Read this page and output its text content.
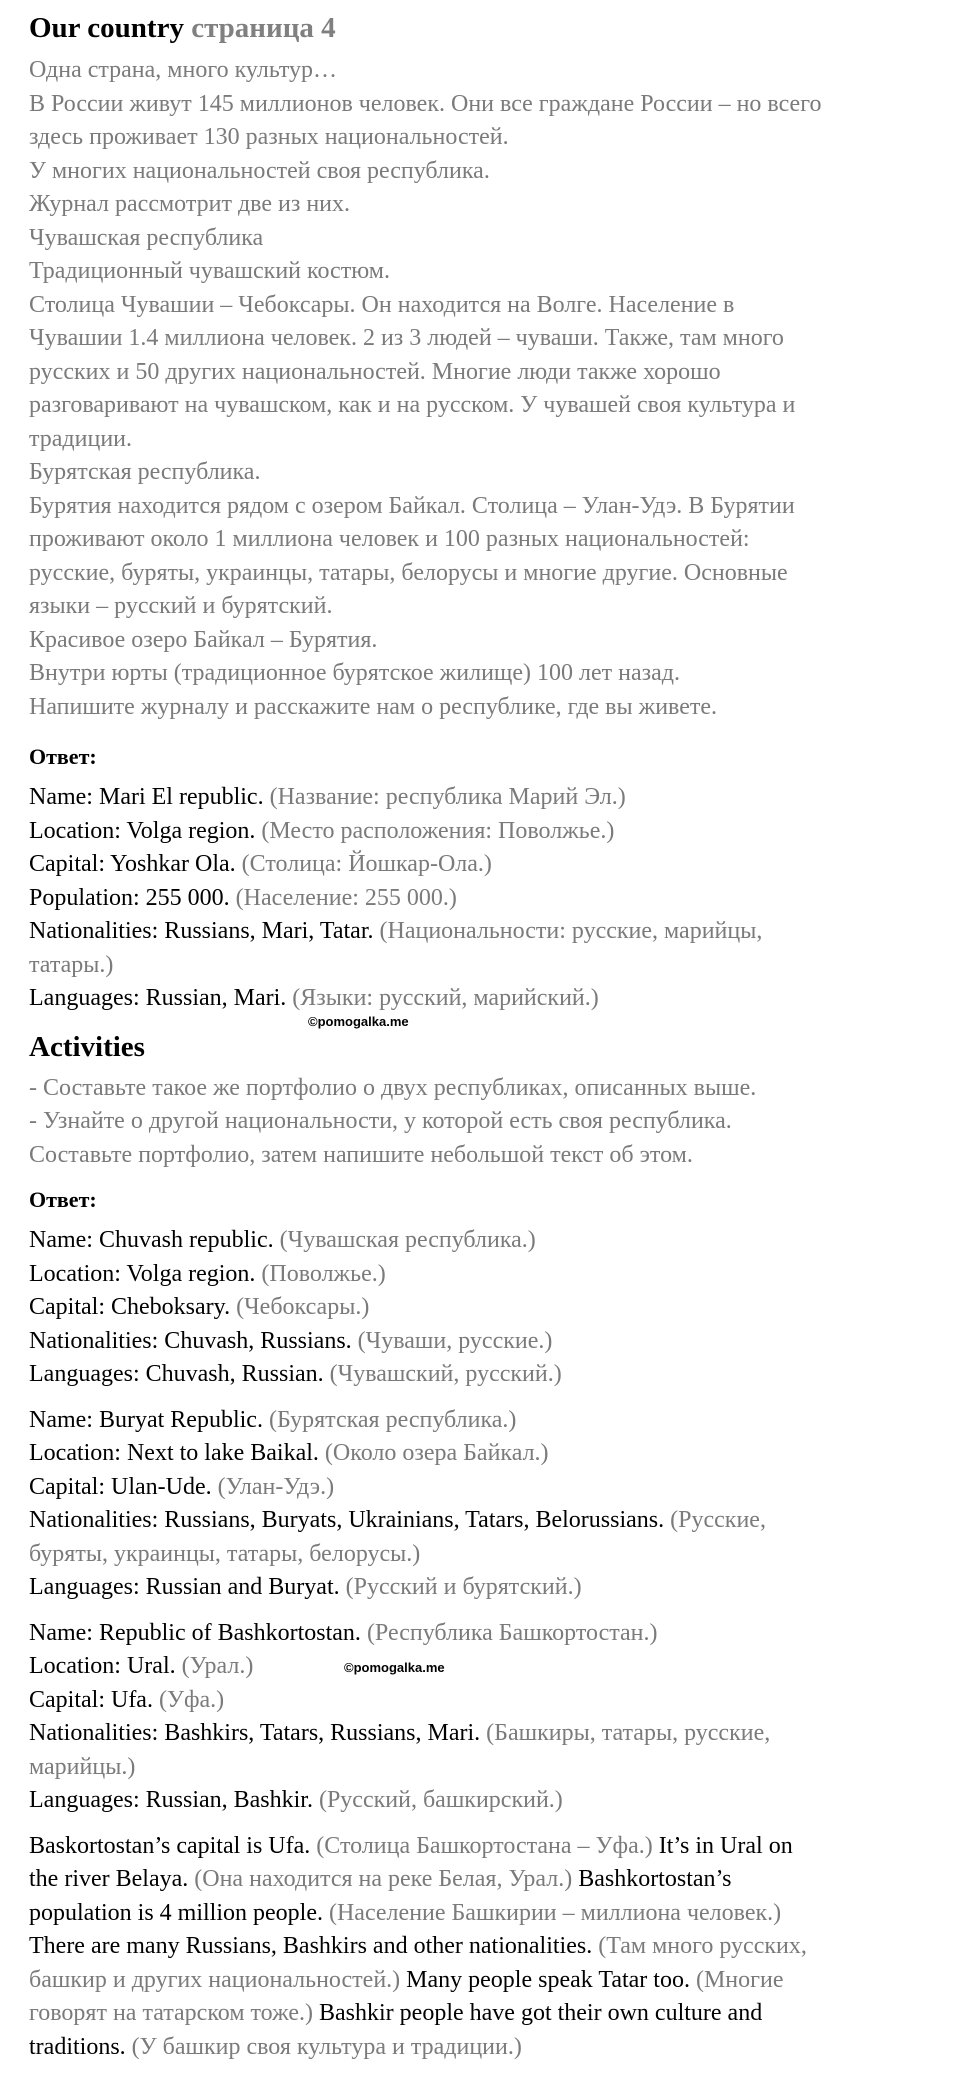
Our country страница 4
Одна страна, много культур…
В России живут 145 миллионов человек. Они все граждане России – но всего
здесь проживает 130 разных национальностей.
У многих национальностей своя республика.
Журнал рассмотрит две из них.
Чувашская республика
Традиционный чувашский костюм.
Столица Чувашии – Чебоксары. Он находится на Волге. Население в
Чувашии 1.4 миллиона человек. 2 из 3 людей – чуваши. Также, там много
русских и 50 других национальностей. Многие люди также хорошо
разговаривают на чувашском, как и на русском. У чувашей своя культура и
традиции.
Бурятская республика.
Бурятия находится рядом с озером Байкал. Столица – Улан-Удэ. В Бурятии
проживают около 1 миллиона человек и 100 разных национальностей:
русские, буряты, украинцы, татары, белорусы и многие другие. Основные
языки – русский и бурятский.
Красивое озеро Байкал – Бурятия.
Внутри юрты (традиционное бурятское жилище) 100 лет назад.
Напишите журналу и расскажите нам о республике, где вы живете.
Ответ:
Name: Mari El republic. (Название: республика Марий Эл.)
Location: Volga region. (Место расположения: Поволжье.)
Capital: Yoshkar Ola. (Столица: Йошкар-Ола.)
Population: 255 000. (Население: 255 000.)
Nationalities: Russians, Mari, Tatar. (Национальности: русские, марийцы,
татары.)
Languages: Russian, Mari. (Языки: русский, марийский.)
Activities
- Составьте такое же портфолио о двух республиках, описанных выше.
- Узнайте о другой национальности, у которой есть своя республика.
Составьте портфолио, затем напишите небольшой текст об этом.
Ответ:
Name: Chuvash republic. (Чувашская республика.)
Location: Volga region. (Поволжье.)
Capital: Cheboksary. (Чебоксары.)
Nationalities: Chuvash, Russians. (Чуваши, русские.)
Languages: Chuvash, Russian. (Чувашский, русский.)
Name: Buryat Republic. (Бурятская республика.)
Location: Next to lake Baikal. (Около озера Байкал.)
Capital: Ulan-Ude. (Улан-Удэ.)
Nationalities: Russians, Buryats, Ukrainians, Tatars, Belorussians. (Русские,
буряты, украинцы, татары, белорусы.)
Languages: Russian and Buryat. (Русский и бурятский.)
Name: Republic of Bashkortostan. (Республика Башкортостан.)
Location: Ural. (Урал.)
Capital: Ufa. (Уфа.)
Nationalities: Bashkirs, Tatars, Russians, Mari. (Башкиры, татары, русские,
марийцы.)
Languages: Russian, Bashkir. (Русский, башкирский.)
Baskortostan’s capital is Ufa. (Столица Башкортостана – Уфа.) It’s in Ural on
the river Belaya. (Она находится на реке Белая, Урал.) Bashkortostan’s
population is 4 million people. (Население Башкирии – миллиона человек.)
There are many Russians, Bashkirs and other nationalities. (Там много русских,
башкир и других национальностей.) Many people speak Tatar too. (Многие
говорят на татарском тоже.) Bashkir people have got their own culture and
traditions. (У башкир своя культура и традиции.)
©pomogalka.me
©pomogalka.me
